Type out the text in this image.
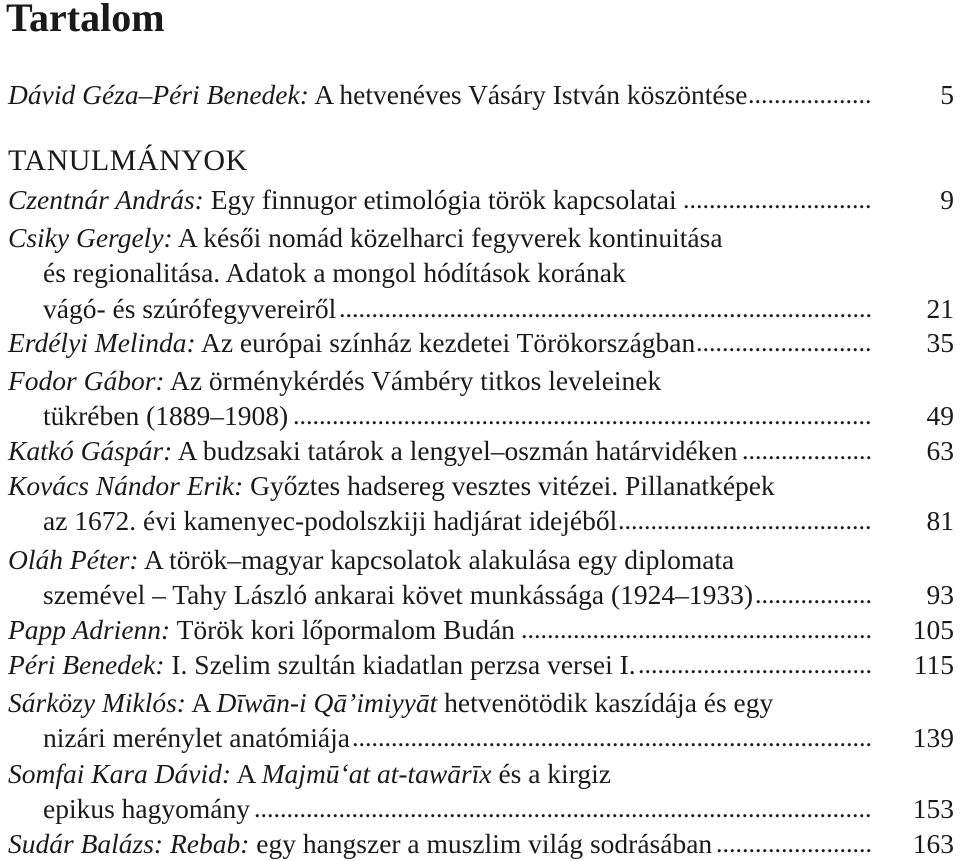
Tartalom
TANULMÁNYOK
...................
Dávid Géza–Péri Benedek: A hetvenéves Vásáry István köszöntése	5
.............................
Czentnár András: Egy finnugor etimológia török kapcsolatai	9
Csiky Gergely: A késői nomád közelharci fegyverek kontinuitása
és regionalitása. Adatok a mongol hódítások korának
..................................................................................
vágó- és szúrófegyvereiről	21
...........................
Erdélyi Melinda: Az európai színház kezdetei Törökországban	35
Fodor Gábor: Az örménykérdés Vámbéry titkos leveleinek
.........................................................................................
tükrében (1889–1908)	49
....................
Katkó Gáspár: A budzsaki tatárok a lengyel–oszmán határvidéken	63
Kovács Nándor Erik: Győztes hadsereg vesztes vitézei. Pillanatképek
.......................................
az 1672. évi kamenyec-podolszkiji hadjárat idejéből	81
Oláh Péter: A török–magyar kapcsolatok alakulása egy diplomata
..................
szemével – Tahy László ankarai követ munkássága (1924–1933)	93
......................................................
Papp Adrienn: Török kori lőpormalom Budán	105
....................................
Péri Benedek: I. Szelim szultán kiadatlan perzsa versei I.	115
Sárközy Miklós: A Dīwān-i Qā’imiyyāt hetvenötödik kaszídája és egy
................................................................................
nizári merénylet anatómiája	139
Somfai Kara Dávid: A Majmū‘at at-tawārīx és a kirgiz
...............................................................................................
epikus hagyomány	153
........................
Sudár Balázs: Rebab: egy hangszer a muszlim világ sodrásában	163
